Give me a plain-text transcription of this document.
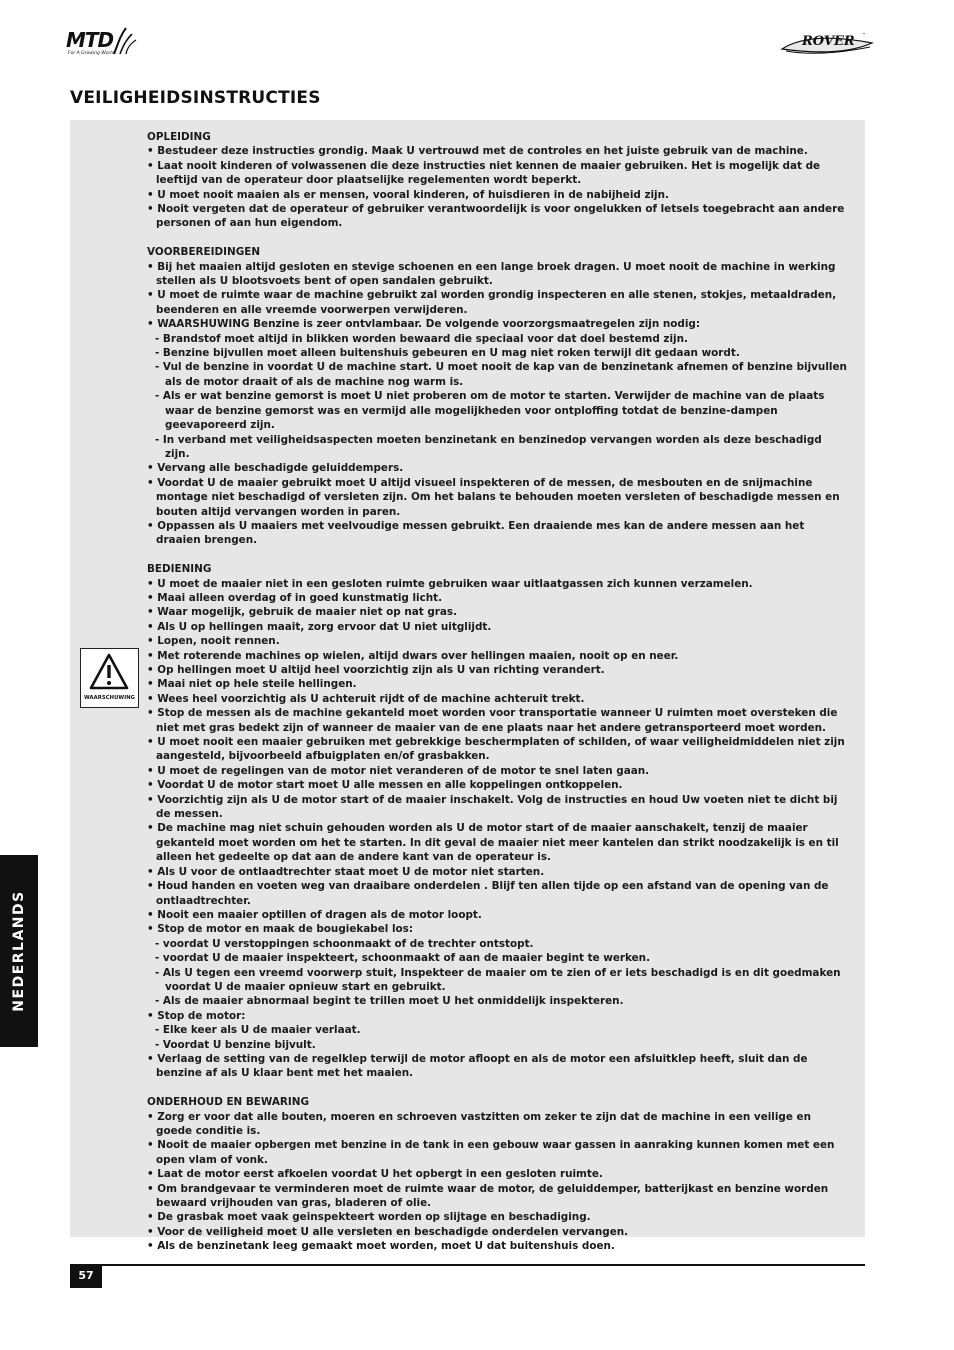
MTD
For A Growing World
ROVER ™
VEILIGHEIDSINSTRUCTIES
WAARSCHUWING

OPLEIDING

• Bestudeer deze instructies grondig. Maak U vertrouwd met de controles en het juiste gebruik van de machine.

• Laat nooit kinderen of volwassenen die deze instructies niet kennen de maaier gebruiken. Het is mogelijk dat de leeftijd van de operateur door plaatselijke regelementen wordt beperkt.

• U moet nooit maaien als er mensen, vooral kinderen, of huisdieren in de nabijheid zijn.

• Nooit vergeten dat de operateur of gebruiker verantwoordelijk is voor ongelukken of letsels toegebracht aan andere personen of aan hun eigendom.

VOORBEREIDINGEN

• Bij het maaien altijd gesloten en stevige schoenen en een lange broek dragen. U moet nooit de machine in werking stellen als U blootsvoets bent of open sandalen gebruikt.

• U moet de ruimte waar de machine gebruikt zal worden grondig inspecteren en alle stenen, stokjes, metaaldraden, beenderen en alle vreemde voorwerpen verwijderen.

• WAARSHUWING Benzine is zeer ontvlambaar. De volgende voorzorgsmaatregelen zijn nodig:

- Brandstof moet altijd in blikken worden bewaard die speciaal voor dat doel bestemd zijn.

- Benzine bijvullen moet alleen buitenshuis gebeuren en U mag niet roken terwijl dit gedaan wordt.

- Vul de benzine in voordat U de machine start. U moet nooit de kap van de benzinetank afnemen of benzine bijvullen als de motor draait of als de machine nog warm is.

- Als er wat benzine gemorst is moet U niet proberen om de motor te starten. Verwijder de machine van de plaats waar de benzine gemorst was en vermijd alle mogelijkheden voor ontploffing totdat de benzine-dampen geevaporeerd zijn.

- In verband met veiligheidsaspecten moeten benzinetank en benzinedop vervangen worden als deze beschadigd zijn.

• Vervang alle beschadigde geluiddempers.

• Voordat U de maaier gebruikt moet U altijd visueel inspekteren of de messen, de mesbouten en de snijmachine montage niet beschadigd of versleten zijn. Om het balans te behouden moeten versleten of beschadigde messen en bouten altijd vervangen worden in paren.

• Oppassen als U maaiers met veelvoudige messen gebruikt. Een draaiende mes kan de andere messen aan het draaien brengen.

BEDIENING

• U moet de maaier niet in een gesloten ruimte gebruiken waar uitlaatgassen zich kunnen verzamelen.

• Maai alleen overdag of in goed kunstmatig licht.

• Waar mogelijk, gebruik de maaier niet op nat gras.

• Als U op hellingen maait, zorg ervoor dat U niet uitglijdt.

• Lopen, nooit rennen.

• Met roterende machines op wielen, altijd dwars over hellingen maaien, nooit op en neer.

• Op hellingen moet U altijd heel voorzichtig zijn als U van richting verandert.

• Maai niet op hele steile hellingen.

• Wees heel voorzichtig als U achteruit rijdt of de machine achteruit trekt.

• Stop de messen als de machine gekanteld moet worden voor transportatie wanneer U ruimten moet oversteken die niet met gras bedekt zijn of wanneer de maaier van de ene plaats naar het andere getransporteerd moet worden.

• U moet nooit een maaier gebruiken met gebrekkige beschermplaten of schilden, of waar veiligheidmiddelen niet zijn aangesteld, bijvoorbeeld afbuigplaten en/of grasbakken.

• U moet de regelingen van de motor niet veranderen of de motor te snel laten gaan.

• Voordat U de motor start moet U alle messen en alle koppelingen ontkoppelen.

• Voorzichtig zijn als U de motor start of de maaier inschakelt. Volg de instructies en houd Uw voeten niet te dicht bij de messen.

• De machine mag niet schuin gehouden worden als U de motor start of de maaier aanschakelt, tenzij de maaier gekanteld moet worden om het te starten. In dit geval de maaier niet meer kantelen dan strikt noodzakelijk is en til alleen het gedeelte op dat aan de andere kant van de operateur is.

• Als U voor de ontlaadtrechter staat moet U de motor niet starten.

• Houd handen en voeten weg van draaibare onderdelen . Blijf ten allen tijde op een afstand van de opening van de ontlaadtrechter.

• Nooit een maaier optillen of dragen als de motor loopt.

• Stop de motor en maak de bougiekabel los:

- voordat U verstoppingen schoonmaakt of de trechter ontstopt.

- voordat U de maaier inspekteert, schoonmaakt of aan de maaier begint te werken.

- Als U tegen een vreemd voorwerp stuit, Inspekteer de maaier om te zien of er iets beschadigd is en dit goedmaken voordat U de maaier opnieuw start en gebruikt.

- Als de maaier abnormaal begint te trillen moet U het onmiddelijk inspekteren.

• Stop de motor:

- Elke keer als U de maaier verlaat.

- Voordat U benzine bijvult.

• Verlaag de setting van de regelklep terwijl de motor afloopt en als de motor een afsluitklep heeft, sluit dan de benzine af als U klaar bent met het maaien.

ONDERHOUD EN BEWARING

• Zorg er voor dat alle bouten, moeren en schroeven vastzitten om zeker te zijn dat de machine in een veilige en goede conditie is.

• Nooit de maaier opbergen met benzine in de tank in een gebouw waar gassen in aanraking kunnen komen met een open vlam of vonk.

• Laat de motor eerst afkoelen voordat U het opbergt in een gesloten ruimte.

• Om brandgevaar te verminderen moet de ruimte waar de motor, de geluiddemper, batterijkast en benzine worden bewaard vrijhouden van gras, bladeren of olie.

• De grasbak moet vaak geinspekteert worden op slijtage en beschadiging.

• Voor de veiligheid moet U alle versleten en beschadigde onderdelen vervangen.

• Als de benzinetank leeg gemaakt moet worden, moet U dat buitenshuis doen.

NEDERLANDS
57
